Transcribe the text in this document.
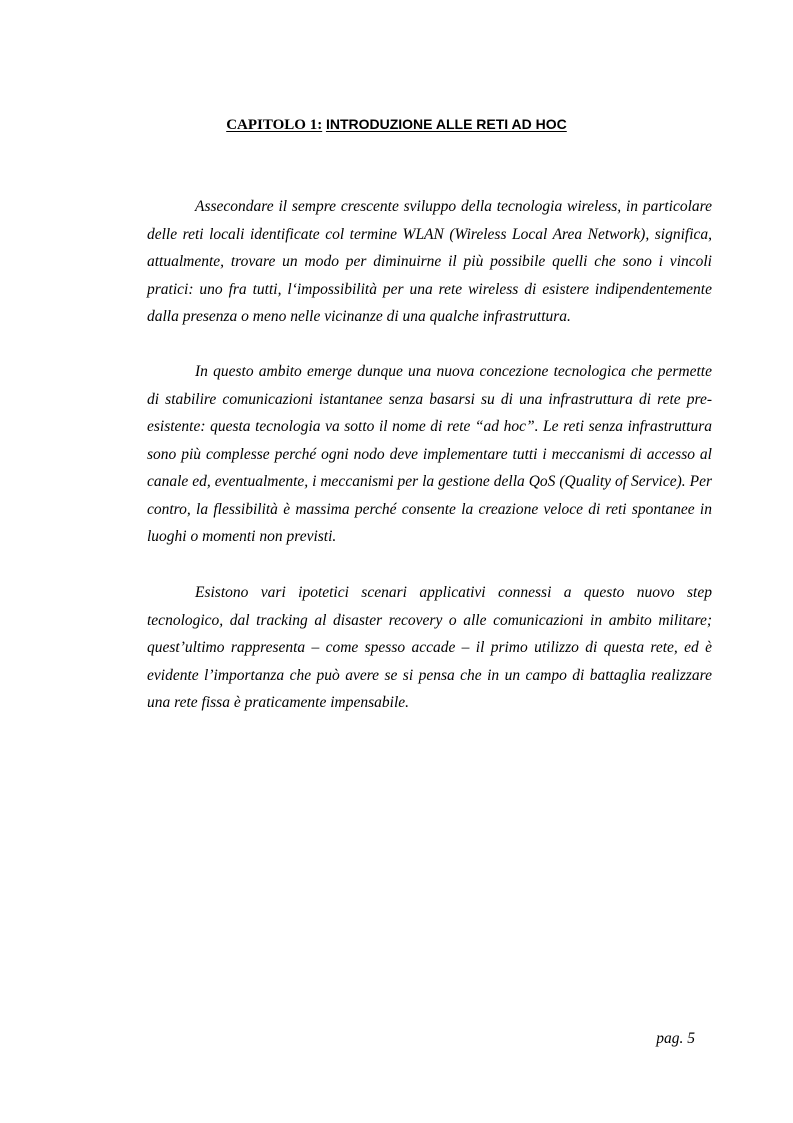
CAPITOLO 1: INTRODUZIONE ALLE RETI AD HOC

Assecondare il sempre crescente sviluppo della tecnologia wireless, in particolare delle reti locali identificate col termine WLAN (Wireless Local Area Network), significa, attualmente, trovare un modo per diminuirne il più possibile quelli che sono i vincoli pratici: uno fra tutti, l‘impossibilità per una rete wireless di esistere indipendentemente dalla presenza o meno nelle vicinanze di una qualche infrastruttura.

In questo ambito emerge dunque una nuova concezione tecnologica che permette di stabilire comunicazioni istantanee senza basarsi su di una infrastruttura di rete pre-esistente: questa tecnologia va sotto il nome di rete “ad hoc”. Le reti senza infrastruttura sono più complesse perché ogni nodo deve implementare tutti i meccanismi di accesso al canale ed, eventualmente, i meccanismi per la gestione della QoS (Quality of Service). Per contro, la flessibilità è massima perché consente la creazione veloce di reti spontanee in luoghi o momenti non previsti.

Esistono vari ipotetici scenari applicativi connessi a questo nuovo step tecnologico, dal tracking al disaster recovery o alle comunicazioni in ambito militare; quest’ultimo rappresenta – come spesso accade – il primo utilizzo di questa rete, ed è evidente l’importanza che può avere se si pensa che in un campo di battaglia realizzare una rete fissa è praticamente impensabile.

pag. 5
